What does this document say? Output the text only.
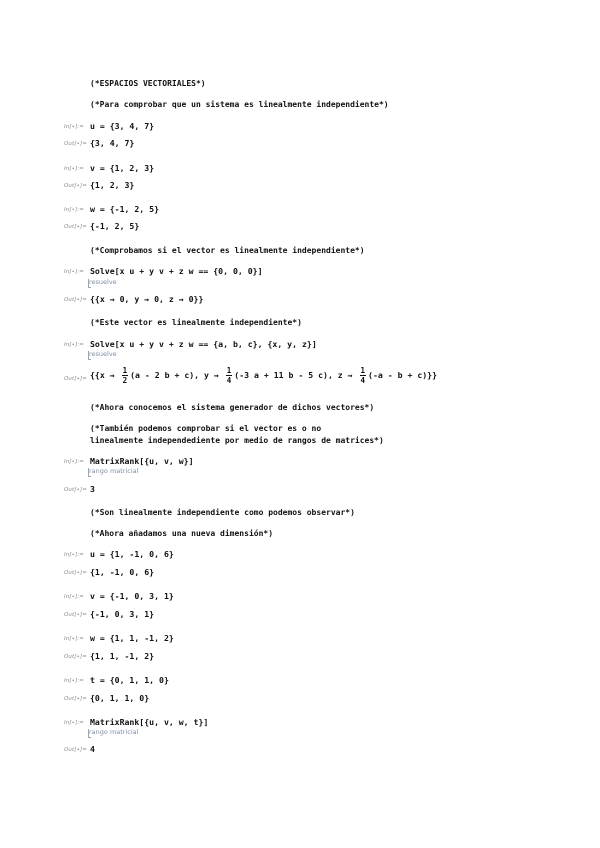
(*ESPACIOS VECTORIALES*)
(*Para comprobar que un sistema es linealmente independiente*)
In[∙]:= u = {3, 4, 7}
Out[∙]= {3, 4, 7}
In[∙]:= v = {1, 2, 3}
Out[∙]= {1, 2, 3}
In[∙]:= w = {-1, 2, 5}
Out[∙]= {-1, 2, 5}
(*Comprobamos si el vector es linealmente independiente*)
In[∙]:= Solve[x u + y v + z w == {0, 0, 0}]
resuelve
Out[∙]= {{x → 0, y → 0, z → 0}}
(*Este vector es linealmente independiente*)
In[∙]:= Solve[x u + y v + z w == {a, b, c}, {x, y, z}]
resuelve
$Out[\cdot]= \{\{x \to \frac{1}{2} (a - 2$ b + c), $y \to \frac{1}{4} (-3$ a + 11 b - 5 c), $z \to \frac{1}{4} (-a - b + c)$}}
(*Ahora conocemos el sistema generador de dichos vectores*)
(*También podemos comprobar si el vector es o no
linealmente independediente por medio de rangos de matrices*)
In[∙]:= MatrixRank[{u, v, w}]
rango matricial
Out[∙]= 3
(*Son linealmente independiente como podemos observar*)
(*Ahora añadamos una nueva dimensión*)
In[∙]:= u = {1, -1, 0, 6}
Out[∙]= {1, -1, 0, 6}
In[∙]:= v = {-1, 0, 3, 1}
Out[∙]= {-1, 0, 3, 1}
In[∙]:= w = {1, 1, -1, 2}
Out[∙]= {1, 1, -1, 2}
In[∙]:= t = {0, 1, 1, 0}
Out[∙]= {0, 1, 1, 0}
In[∙]:= MatrixRank[{u, v, w, t}]
rango matricial
Out[∙]= 4
